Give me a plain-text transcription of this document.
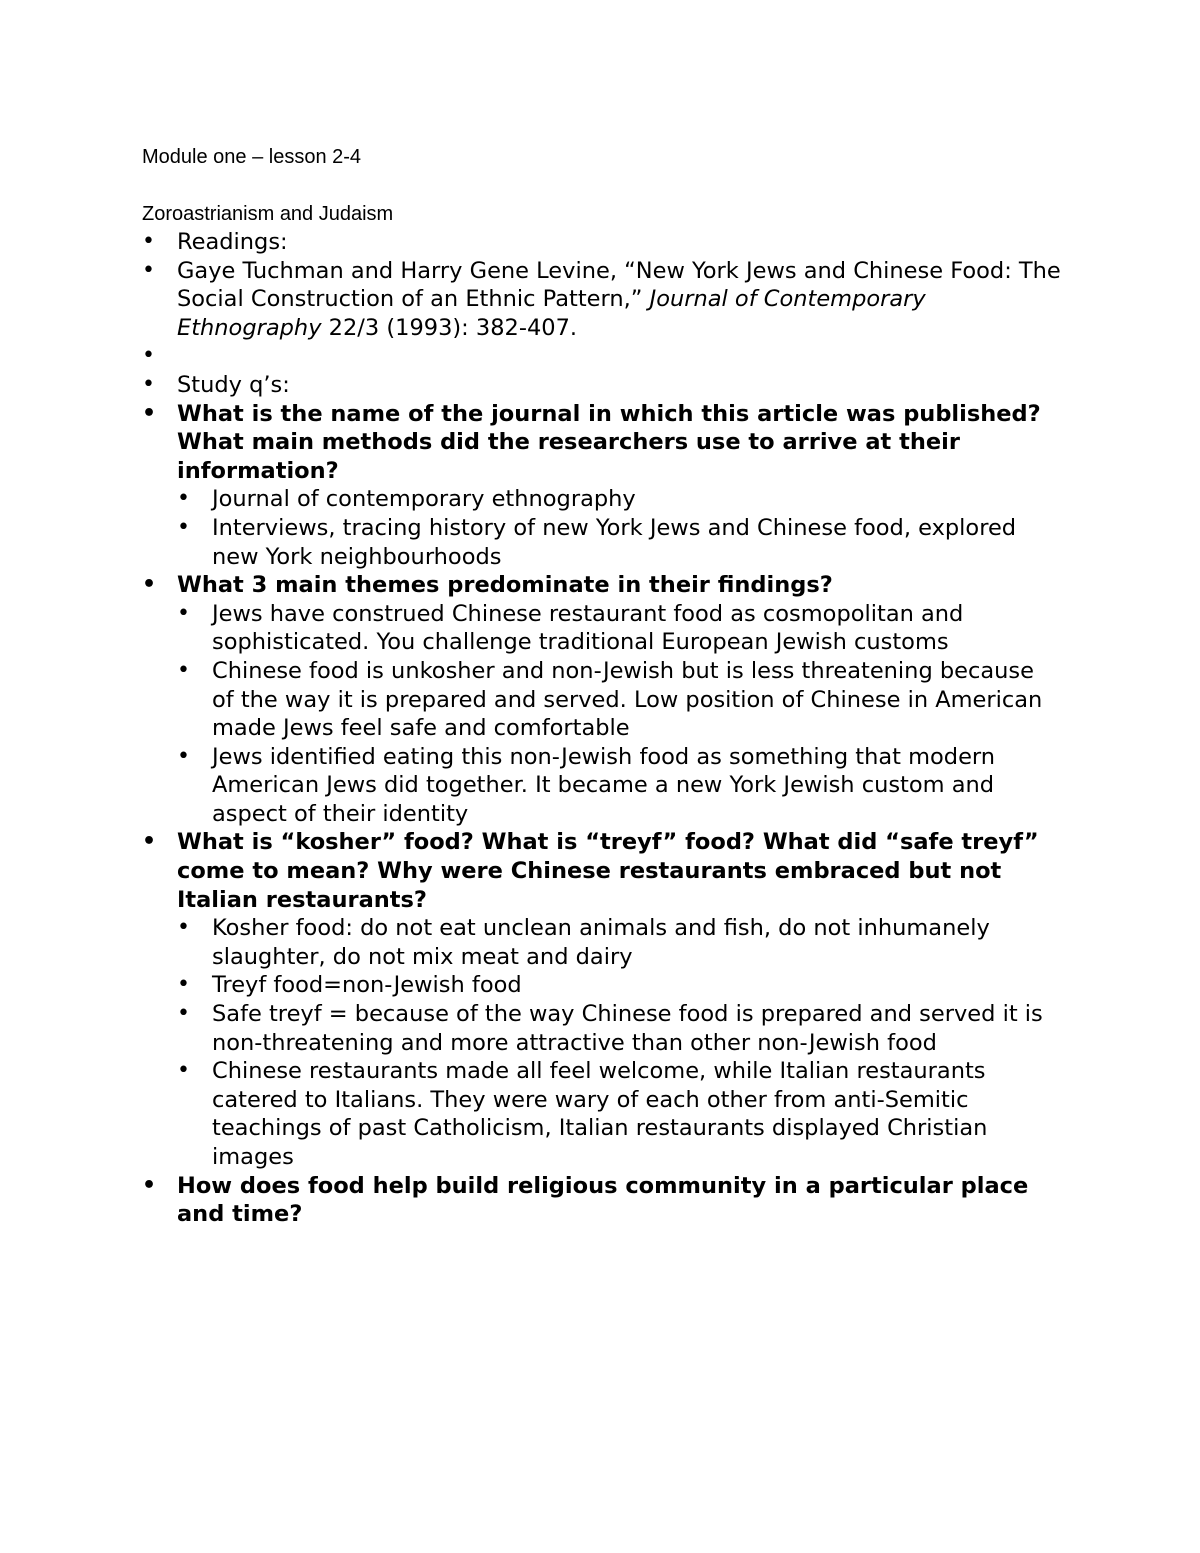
Module one – lesson 2-4
Zoroastrianism and Judaism
• Readings:
• Gaye Tuchman and Harry Gene Levine, “New York Jews and Chinese Food: The Social Construction of an Ethnic Pattern,” Journal of Contemporary Ethnography 22/3 (1993): 382-407.
•
• Study q’s:
• What is the name of the journal in which this article was published? What main methods did the researchers use to arrive at their information?
• Journal of contemporary ethnography
• Interviews, tracing history of new York Jews and Chinese food, explored new York neighbourhoods
• What 3 main themes predominate in their findings?
• Jews have construed Chinese restaurant food as cosmopolitan and sophisticated. You challenge traditional European Jewish customs
• Chinese food is unkosher and non-Jewish but is less threatening because of the way it is prepared and served. Low position of Chinese in American made Jews feel safe and comfortable
• Jews identified eating this non-Jewish food as something that modern American Jews did together. It became a new York Jewish custom and aspect of their identity
• What is “kosher” food? What is “treyf” food? What did “safe treyf” come to mean? Why were Chinese restaurants embraced but not Italian restaurants?
• Kosher food: do not eat unclean animals and fish, do not inhumanely slaughter, do not mix meat and dairy
• Treyf food=non-Jewish food
• Safe treyf = because of the way Chinese food is prepared and served it is non-threatening and more attractive than other non-Jewish food
• Chinese restaurants made all feel welcome, while Italian restaurants catered to Italians. They were wary of each other from anti-Semitic teachings of past Catholicism, Italian restaurants displayed Christian images
• How does food help build religious community in a particular place and time?
